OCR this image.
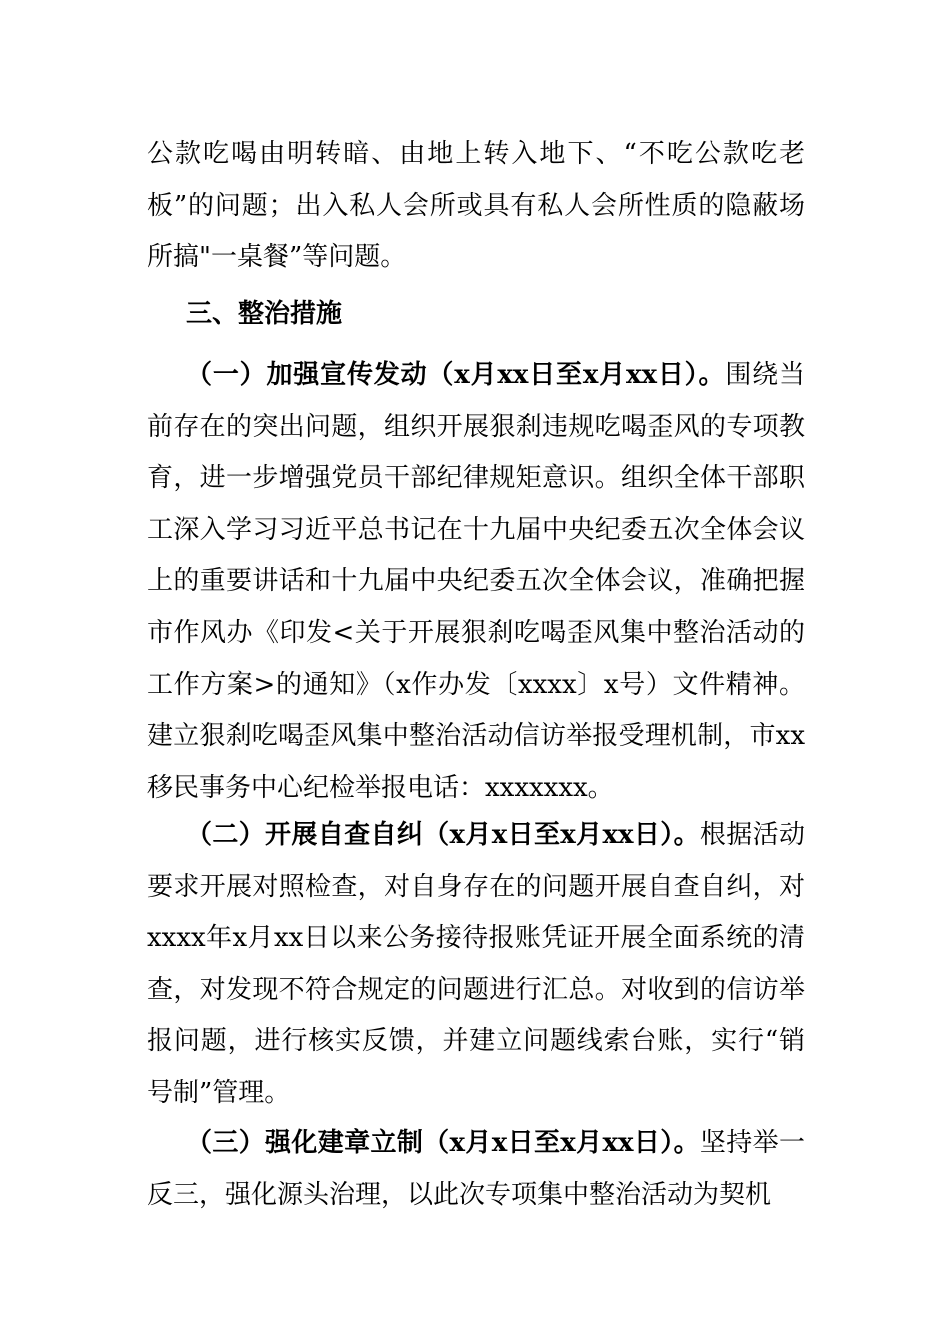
公款吃喝由明转暗、由地上转入地下、“不吃公款吃老板”的问题；出入私人会所或具有私人会所性质的隐蔽场所搞"一桌餐”等问题。

三、整治措施

（一）加强宣传发动（x月xx日至x月xx日）。围绕当前存在的突出问题，组织开展狠刹违规吃喝歪风的专项教育，进一步增强党员干部纪律规矩意识。组织全体干部职工深入学习习近平总书记在十九届中央纪委五次全体会议上的重要讲话和十九届中央纪委五次全体会议，准确把握市作风办《印发<关于开展狠刹吃喝歪风集中整治活动的工作方案>的通知》（x作办发〔xxxx〕x号）文件精神。建立狠刹吃喝歪风集中整治活动信访举报受理机制，市xx移民事务中心纪检举报电话：xxxxxxx。

（二）开展自查自纠（x月x日至x月xx日）。根据活动要求开展对照检查，对自身存在的问题开展自查自纠，对xxxx年x月xx日以来公务接待报账凭证开展全面系统的清查，对发现不符合规定的问题进行汇总。对收到的信访举报问题，进行核实反馈，并建立问题线索台账，实行“销号制”管理。

（三）强化建章立制（x月x日至x月xx日）。坚持举一反三，强化源头治理，以此次专项集中整治活动为契机
